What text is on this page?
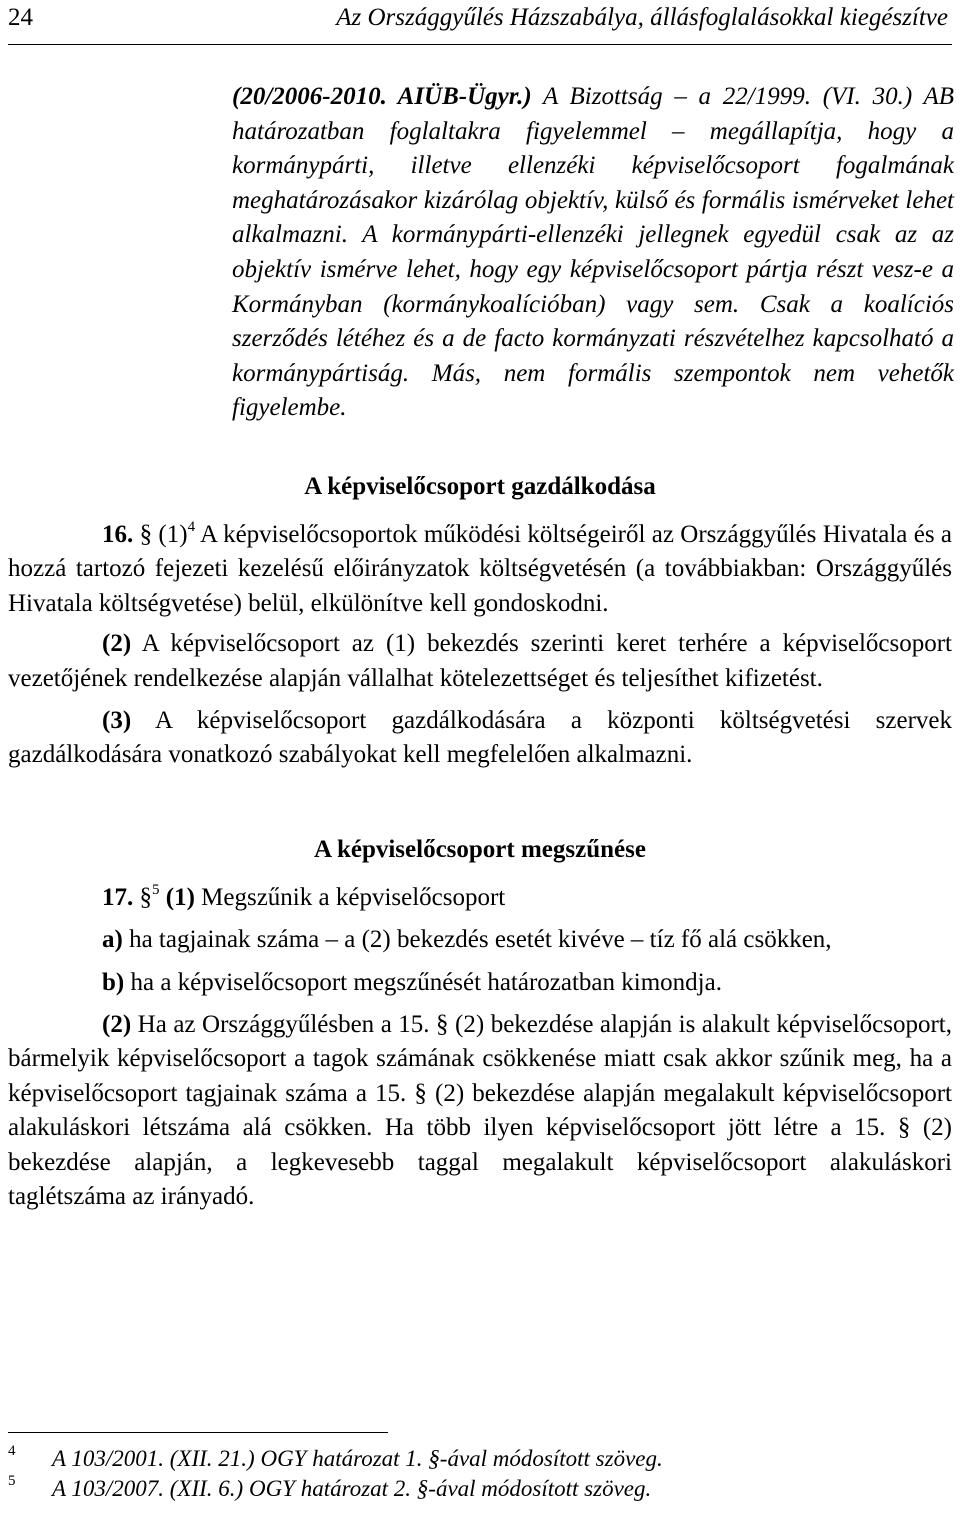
24	Az Országgyűlés Házszabálya, állásfoglalásokkal kiegészítve
(20/2006-2010. AIÜB-Ügyr.) A Bizottság – a 22/1999. (VI. 30.) AB határozatban foglaltakra figyelemmel – megállapítja, hogy a kormánypárti, illetve ellenzéki képviselőcsoport fogalmának meghatározásakor kizárólag objektív, külső és formális ismérveket lehet alkalmazni. A kormánypárti-ellenzéki jellegnek egyedül csak az az objektív ismérve lehet, hogy egy képviselőcsoport pártja részt vesz-e a Kormányban (kormánykoalícióban) vagy sem. Csak a koalíciós szerződés létéhez és a de facto kormányzati részvételhez kapcsolható a kormánypártiság. Más, nem formális szempontok nem vehetők figyelembe.

A képviselőcsoport gazdálkodása

16. § $(1)^4$ A képviselőcsoportok működési költségeiről az Országgyűlés Hivatala és a hozzá tartozó fejezeti kezelésű előirányzatok költségvetésén (a továbbiakban: Országgyűlés Hivatala költségvetése) belül, elkülönítve kell gondoskodni.

(2) A képviselőcsoport az (1) bekezdés szerinti keret terhére a képviselőcsoport vezetőjének rendelkezése alapján vállalhat kötelezettséget és teljesíthet kifizetést.

(3) A képviselőcsoport gazdálkodására a központi költségvetési szervek gazdálkodására vonatkozó szabályokat kell megfelelően alkalmazni.

A képviselőcsoport megszűnése

17. §$^5$ (1) Megszűnik a képviselőcsoport

a) ha tagjainak száma – a (2) bekezdés esetét kivéve – tíz fő alá csökken,

b) ha a képviselőcsoport megszűnését határozatban kimondja.

(2) Ha az Országgyűlésben a 15. § (2) bekezdése alapján is alakult képviselőcsoport, bármelyik képviselőcsoport a tagok számának csökkenése miatt csak akkor szűnik meg, ha a képviselőcsoport tagjainak száma a 15. § (2) bekezdése alapján megalakult képviselőcsoport alakuláskori létszáma alá csökken. Ha több ilyen képviselőcsoport jött létre a 15. § (2) bekezdése alapján, a legkevesebb taggal megalakult képviselőcsoport alakuláskori taglétszáma az irányadó.

4 A 103/2001. (XII. 21.) OGY határozat 1. §-ával módosított szöveg.
5 A 103/2007. (XII. 6.) OGY határozat 2. §-ával módosított szöveg.
